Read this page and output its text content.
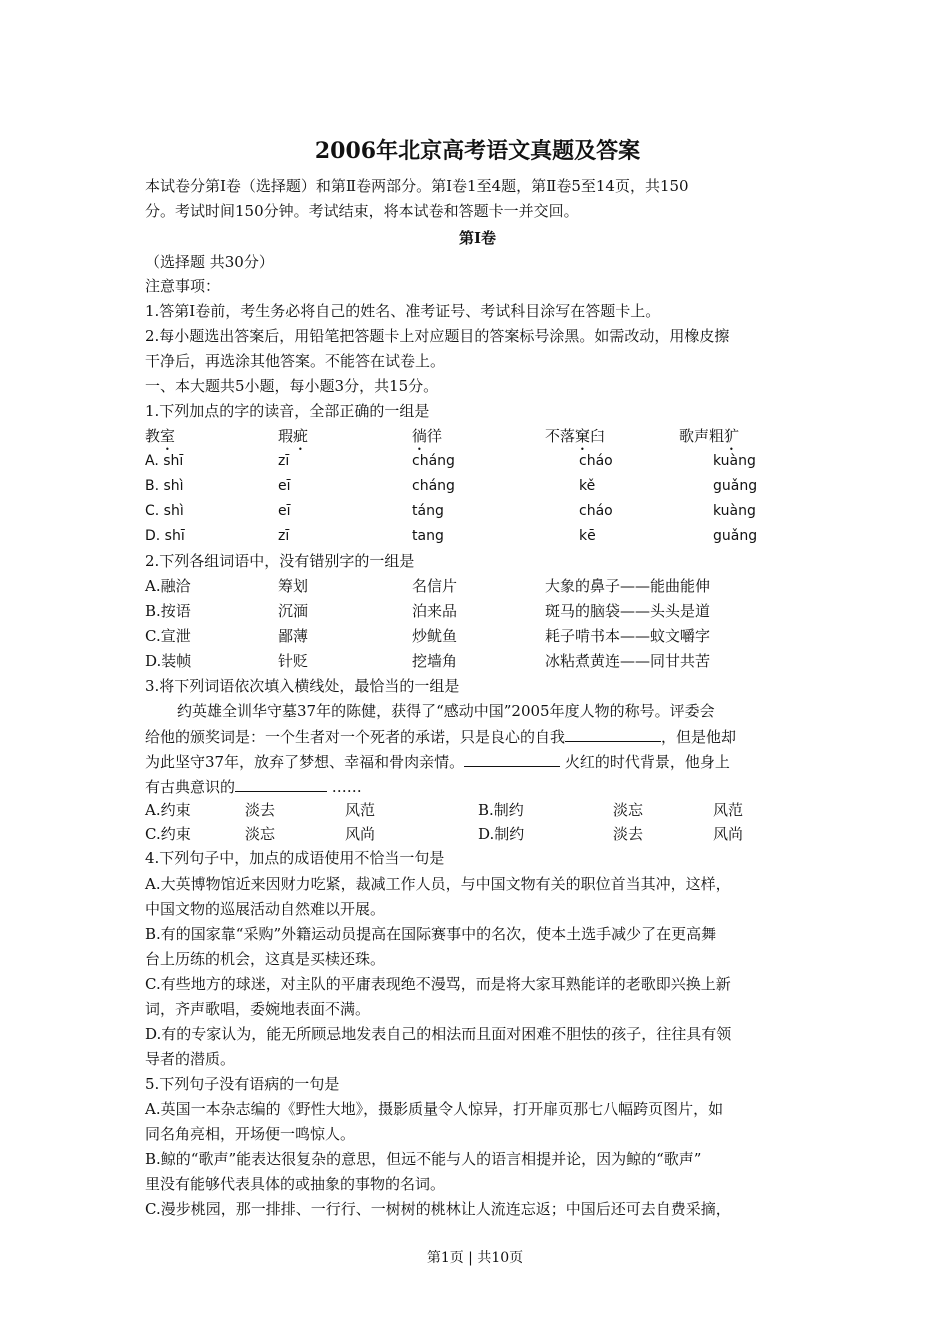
2006年北京高考语文真题及答案
本试卷分第Ⅰ卷（选择题）和第Ⅱ卷两部分。第Ⅰ卷1至4题，第Ⅱ卷5至14页，共150
分。考试时间150分钟。考试结束，将本试卷和答题卡一并交回。
第Ⅰ卷
（选择题 共30分）
注意事项：
1.答第Ⅰ卷前，考生务必将自己的姓名、准考证号、考试科目涂写在答题卡上。
2.每小题选出答案后，用铅笔把答题卡上对应题目的答案标号涂黑。如需改动，用橡皮擦
干净后，再选涂其他答案。不能答在试卷上。
一、本大题共5小题，每小题3分，共15分。
1.下列加点的字的读音，全部正确的一组是
教室	瑕疵	徜徉	不落窠臼	歌声粗犷
A. shī	zī	cháng	cháo	kuàng
B. shì	eī	cháng	kě	guǎng
C. shì	eī	táng	cháo	kuàng
D. shī	zī	tang	kē	guǎng
2.下列各组词语中，没有错别字的一组是
A.融洽	筹划	名信片	大象的鼻子——能曲能伸
B.按语	沉湎	泊来品	斑马的脑袋——头头是道
C.宣泄	鄙薄	炒鱿鱼	耗子啃书本——蚊文嚼字
D.装帧	针贬	挖墙角	冰粘煮黄连——同甘共苦
3.将下列词语依次填入横线处，最恰当的一组是
约英雄全训华守墓37年的陈健，获得了“感动中国”2005年度人物的称号。评委会
给他的颁奖词是：一个生者对一个死者的承诺，只是良心的自我	，但是他却
为此坚守37年，放弃了梦想、幸福和骨肉亲情。	火红的时代背景，他身上
有古典意识的	……
A.约束	淡去	风范	B.制约	淡忘	风范
C.约束	淡忘	风尚	D.制约	淡去	风尚
4.下列句子中，加点的成语使用不恰当一句是
A.大英博物馆近来因财力吃紧，裁减工作人员，与中国文物有关的职位首当其冲，这样，
中国文物的巡展活动自然难以开展。
B.有的国家靠“采购”外籍运动员提高在国际赛事中的名次，使本土选手减少了在更高舞
台上历练的机会，这真是买椟还珠。
C.有些地方的球迷，对主队的平庸表现绝不漫骂，而是将大家耳熟能详的老歌即兴换上新
词，齐声歌唱，委婉地表面不满。
D.有的专家认为，能无所顾忌地发表自己的相法而且面对困难不胆怯的孩子，往往具有领
导者的潜质。
5.下列句子没有语病的一句是
A.英国一本杂志编的《野性大地》，摄影质量令人惊异，打开扉页那七八幅跨页图片，如
同名角亮相，开场便一鸣惊人。
B.鲸的“歌声”能表达很复杂的意思，但远不能与人的语言相提并论，因为鲸的“歌声”
里没有能够代表具体的或抽象的事物的名词。
C.漫步桃园，那一排排、一行行、一树树的桃林让人流连忘返；中国后还可去自费采摘，
第1页 | 共10页
